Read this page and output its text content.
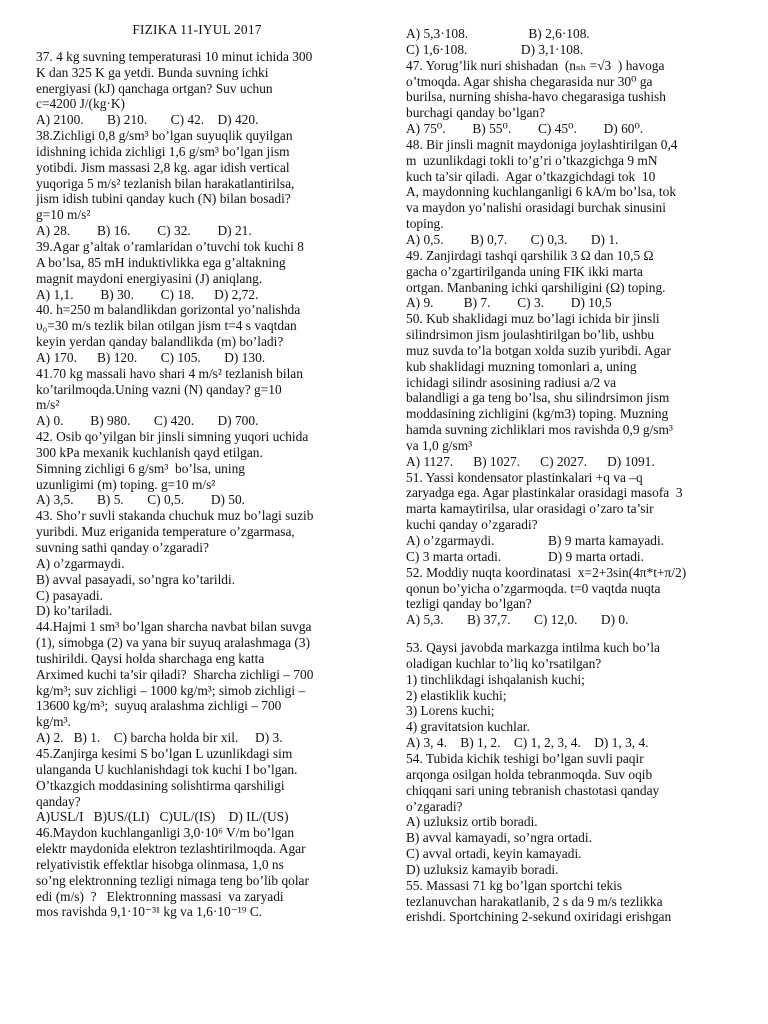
FIZIKA 11-IYUL 2017
37. 4 kg suvning temperaturasi 10 minut ichida 300
K dan 325 K ga yetdi. Bunda suvning ichki
energiyasi (kJ) qanchaga ortgan? Suv uchun
c=4200 J/(kg·K)
A) 2100.       B) 210.       C) 42.    D) 420.
38.Zichligi 0,8 g/sm³ bo’lgan suyuqlik quyilgan
idishning ichida zichligi 1,6 g/sm³ bo’lgan jism
yotibdi. Jism massasi 2,8 kg. agar idish vertical
yuqoriga 5 m/s² tezlanish bilan harakatlantirilsa,
jism idish tubini qanday kuch (N) bilan bosadi?
g=10 m/s²
A) 28.        B) 16.        C) 32.        D) 21.
39.Agar g’altak o’ramlaridan o’tuvchi tok kuchi 8
A bo’lsa, 85 mH induktivlikka ega g’altakning
magnit maydoni energiyasini (J) aniqlang.
A) 1,1.        B) 30.        C) 18.      D) 2,72.
40. h=250 m balandlikdan gorizontal yo’nalishda
υ₀=30 m/s tezlik bilan otilgan jism t=4 s vaqtdan
keyin yerdan qanday balandlikda (m) bo’ladi?
A) 170.      B) 120.       C) 105.       D) 130.
41.70 kg massali havo shari 4 m/s² tezlanish bilan
ko’tarilmoqda.Uning vazni (N) qanday? g=10
m/s²
A) 0.        B) 980.       C) 420.       D) 700.
42. Osib qo’yilgan bir jinsli simning yuqori uchida
300 kPa mexanik kuchlanish qayd etilgan.
Simning zichligi 6 g/sm³  bo’lsa, uning
uzunligimi (m) toping. g=10 m/s²
A) 3,5.       B) 5.       C) 0,5.        D) 50.
43. Sho’r suvli stakanda chuchuk muz bo’lagi suzib
yuribdi. Muz eriganida temperature o’zgarmasa,
suvning sathi qanday o’zgaradi?
A) o’zgarmaydi.
B) avval pasayadi, so’ngra ko’tarildi.
C) pasayadi.
D) ko’tariladi.
44.Hajmi 1 sm³ bo’lgan sharcha navbat bilan suvga
(1), simobga (2) va yana bir suyuq aralashmaga (3)
tushirildi. Qaysi holda sharchaga eng katta
Arximed kuchi ta’sir qiladi?  Sharcha zichligi – 700
kg/m³; suv zichligi – 1000 kg/m³; simob zichligi –
13600 kg/m³;  suyuq aralashma zichligi – 700
kg/m³.
A) 2.   B) 1.    C) barcha holda bir xil.     D) 3.
45.Zanjirga kesimi S bo’lgan L uzunlikdagi sim
ulanganda U kuchlanishdagi tok kuchi I bo’lgan.
O’tkazgich moddasining solishtirma qarshiligi
qanday?
A)USL/I   B)US/(LI)   C)UL/(IS)    D) IL/(US)
46.Maydon kuchlanganligi 3,0·10⁶ V/m bo’lgan
elektr maydonida elektron tezlashtirilmoqda. Agar
relyativistik effektlar hisobga olinmasa, 1,0 ns
so’ng elektronning tezligi nimaga teng bo’lib qolar
edi (m/s)  ?   Elektronning massasi  va zaryadi
mos ravishda 9,1·10⁻³¹ kg va 1,6·10⁻¹⁹ C.
A) 5,3·108.                  B) 2,6·108.
C) 1,6·108.                D) 3,1·108.
47. Yorug’lik nuri shishadan  (nₛₕ =√3  ) havoga
o’tmoqda. Agar shisha chegarasida nur 30⁰ ga
burilsa, nurning shisha-havo chegarasiga tushish
burchagi qanday bo’lgan?
A) 75⁰.        B) 55⁰.        C) 45⁰.        D) 60⁰.
48. Bir jinsli magnit maydoniga joylashtirilgan 0,4
m  uzunlikdagi tokli to’g’ri o’tkazgichga 9 mN
kuch ta’sir qiladi.  Agar o’tkazgichdagi tok  10
A, maydonning kuchlanganligi 6 kA/m bo’lsa, tok
va maydon yo’nalishi orasidagi burchak sinusini
toping.
A) 0,5.        B) 0,7.       C) 0,3.       D) 1.
49. Zanjirdagi tashqi qarshilik 3 Ω dan 10,5 Ω
gacha o’zgartirilganda uning FIK ikki marta
ortgan. Manbaning ichki qarshiligini (Ω) toping.
A) 9.         B) 7.        C) 3.        D) 10,5
50. Kub shaklidagi muz bo’lagi ichida bir jinsli
silindrsimon jism joulashtirilgan bo’lib, ushbu
muz suvda to’la botgan xolda suzib yuribdi. Agar
kub shaklidagi muzning tomonlari a, uning
ichidagi silindr asosining radiusi a/2 va
balandligi a ga teng bo’lsa, shu silindrsimon jism
moddasining zichligini (kg/m3) toping. Muzning
hamda suvning zichliklari mos ravishda 0,9 g/sm³
va 1,0 g/sm³
A) 1127.      B) 1027.      C) 2027.      D) 1091.
51. Yassi kondensator plastinkalari +q va –q
zaryadga ega. Agar plastinkalar orasidagi masofa  3
marta kamaytirilsa, ular orasidagi o’zaro ta’sir
kuchi qanday o’zgaradi?
A) o’zgarmaydi.                B) 9 marta kamayadi.
C) 3 marta ortadi.              D) 9 marta ortadi.
52. Moddiy nuqta koordinatasi  x=2+3sin(4π*t+π/2)
qonun bo’yicha o’zgarmoqda. t=0 vaqtda nuqta
tezligi qanday bo’lgan?
A) 5,3.       B) 37,7.       C) 12,0.       D) 0.
53. Qaysi javobda markazga intilma kuch bo’la
oladigan kuchlar to’liq ko’rsatilgan?
1) tinchlikdagi ishqalanish kuchi;
2) elastiklik kuchi;
3) Lorens kuchi;
4) gravitatsion kuchlar.
A) 3, 4.    B) 1, 2.    C) 1, 2, 3, 4.    D) 1, 3, 4.
54. Tubida kichik teshigi bo’lgan suvli paqir
arqonga osilgan holda tebranmoqda. Suv oqib
chiqqani sari uning tebranish chastotasi qanday
o’zgaradi?
A) uzluksiz ortib boradi.
B) avval kamayadi, so’ngra ortadi.
C) avval ortadi, keyin kamayadi.
D) uzluksiz kamayib boradi.
55. Massasi 71 kg bo’lgan sportchi tekis
tezlanuvchan harakatlanib, 2 s da 9 m/s tezlikka
erishdi. Sportchining 2-sekund oxiridagi erishgan
